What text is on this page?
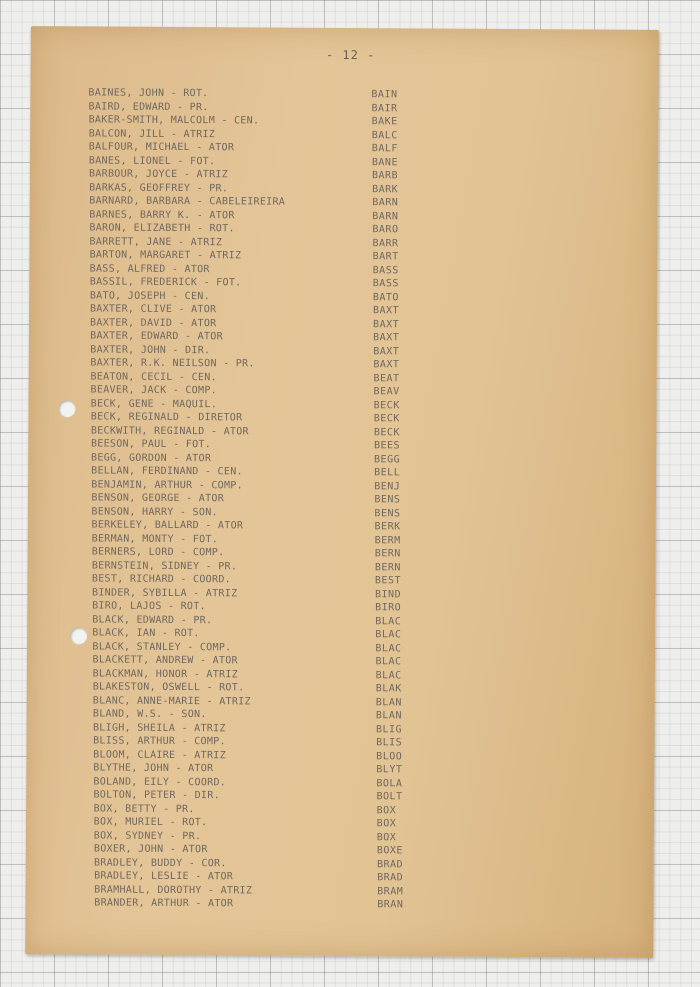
- 12 -
BAINES, JOHN - ROT.	BAIN
BAIRD, EDWARD - PR.	BAIR
BAKER-SMITH, MALCOLM - CEN.	BAKE
BALCON, JILL - ATRIZ	BALC
BALFOUR, MICHAEL - ATOR	BALF
BANES, LIONEL - FOT.	BANE
BARBOUR, JOYCE - ATRIZ	BARB
BARKAS, GEOFFREY - PR.	BARK
BARNARD, BARBARA - CABELEIREIRA	BARN
BARNES, BARRY K. - ATOR	BARN
BARON, ELIZABETH - ROT.	BARO
BARRETT, JANE - ATRIZ	BARR
BARTON, MARGARET - ATRIZ	BART
BASS, ALFRED - ATOR	BASS
BASSIL, FREDERICK - FOT.	BASS
BATO, JOSEPH - CEN.	BATO
BAXTER, CLIVE - ATOR	BAXT
BAXTER, DAVID - ATOR	BAXT
BAXTER, EDWARD - ATOR	BAXT
BAXTER, JOHN - DIR.	BAXT
BAXTER, R.K. NEILSON - PR.	BAXT
BEATON, CECIL - CEN.	BEAT
BEAVER, JACK - COMP.	BEAV
BECK, GENE - MAQUIL.	BECK
BECK, REGINALD - DIRETOR	BECK
BECKWITH, REGINALD - ATOR	BECK
BEESON, PAUL - FOT.	BEES
BEGG, GORDON - ATOR	BEGG
BELLAN, FERDINAND - CEN.	BELL
BENJAMIN, ARTHUR - COMP.	BENJ
BENSON, GEORGE - ATOR	BENS
BENSON, HARRY - SON.	BENS
BERKELEY, BALLARD - ATOR	BERK
BERMAN, MONTY - FOT.	BERM
BERNERS, LORD - COMP.	BERN
BERNSTEIN, SIDNEY - PR.	BERN
BEST, RICHARD - COORD.	BEST
BINDER, SYBILLA - ATRIZ	BIND
BIRO, LAJOS - ROT.	BIRO
BLACK, EDWARD - PR.	BLAC
BLACK, IAN - ROT.	BLAC
BLACK, STANLEY - COMP.	BLAC
BLACKETT, ANDREW - ATOR	BLAC
BLACKMAN, HONOR - ATRIZ	BLAC
BLAKESTON, OSWELL - ROT.	BLAK
BLANC, ANNE-MARIE - ATRIZ	BLAN
BLAND, W.S. - SON.	BLAN
BLIGH, SHEILA - ATRIZ	BLIG
BLISS, ARTHUR - COMP.	BLIS
BLOOM, CLAIRE - ATRIZ	BLOO
BLYTHE, JOHN - ATOR	BLYT
BOLAND, EILY - COORD.	BOLA
BOLTON, PETER - DIR.	BOLT
BOX, BETTY - PR.	BOX
BOX, MURIEL - ROT.	BOX
BOX, SYDNEY - PR.	BOX
BOXER, JOHN - ATOR	BOXE
BRADLEY, BUDDY - COR.	BRAD
BRADLEY, LESLIE - ATOR	BRAD
BRAMHALL, DOROTHY - ATRIZ	BRAM
BRANDER, ARTHUR - ATOR	BRAN
